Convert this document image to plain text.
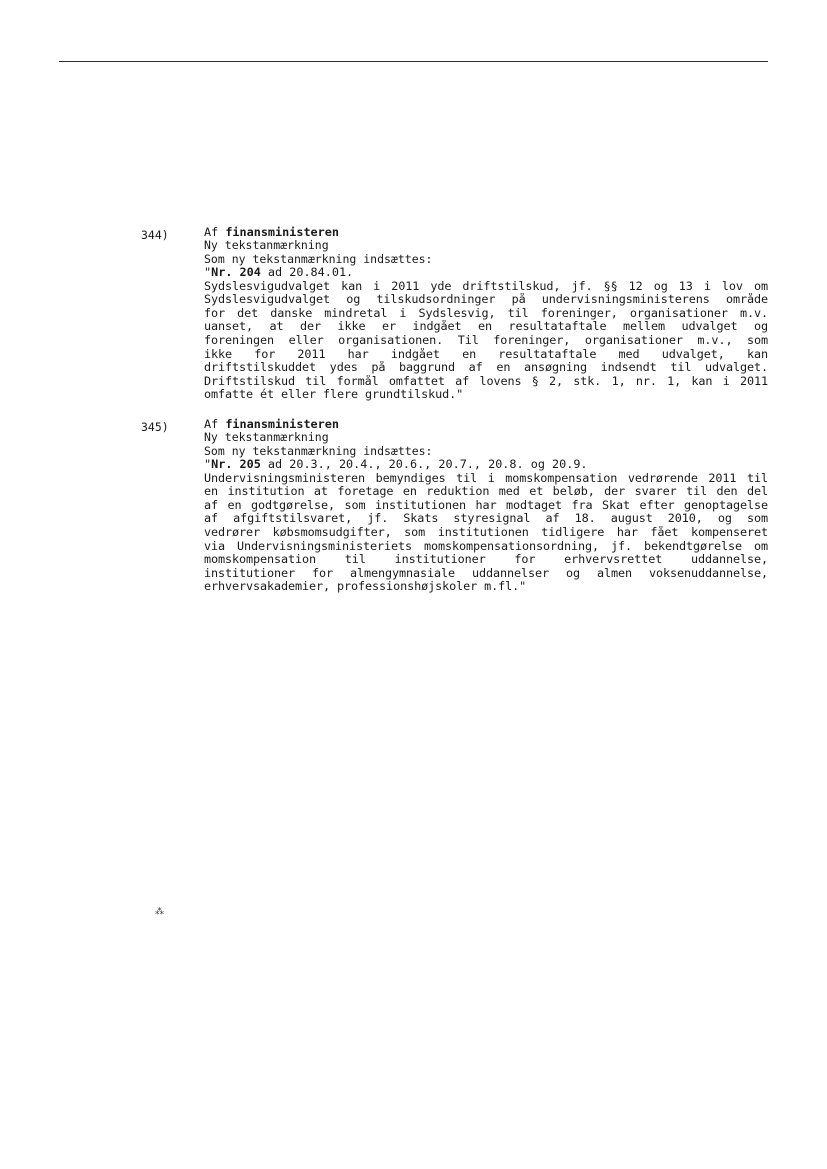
344)	Af finansministeren
Ny tekstanmærkning
Som ny tekstanmærkning indsættes:
"Nr. 204 ad 20.84.01.
Sydslesvigudvalget kan i 2011 yde driftstilskud, jf. §§ 12 og 13 i lov om
Sydslesvigudvalget og tilskudsordninger på undervisningsministerens område
for det danske mindretal i Sydslesvig, til foreninger, organisationer m.v.
uanset, at der ikke er indgået en resultataftale mellem udvalget og
foreningen eller organisationen. Til foreninger, organisationer m.v., som
ikke for 2011 har indgået en resultataftale med udvalget, kan
driftstilskuddet ydes på baggrund af en ansøgning indsendt til udvalget.
Driftstilskud til formål omfattet af lovens § 2, stk. 1, nr. 1, kan i 2011
omfatte ét eller flere grundtilskud."
345)	Af finansministeren
Ny tekstanmærkning
Som ny tekstanmærkning indsættes:
"Nr. 205 ad 20.3., 20.4., 20.6., 20.7., 20.8. og 20.9.
Undervisningsministeren bemyndiges til i momskompensation vedrørende 2011 til
en institution at foretage en reduktion med et beløb, der svarer til den del
af en godtgørelse, som institutionen har modtaget fra Skat efter genoptagelse
af afgiftstilsvaret, jf. Skats styresignal af 18. august 2010, og som
vedrører købsmomsudgifter, som institutionen tidligere har fået kompenseret
via Undervisningsministeriets momskompensationsordning, jf. bekendtgørelse om
momskompensation til institutioner for erhvervsrettet uddannelse,
institutioner for almengymnasiale uddannelser og almen voksenuddannelse,
erhvervsakademier, professionshøjskoler m.fl."
⁂
